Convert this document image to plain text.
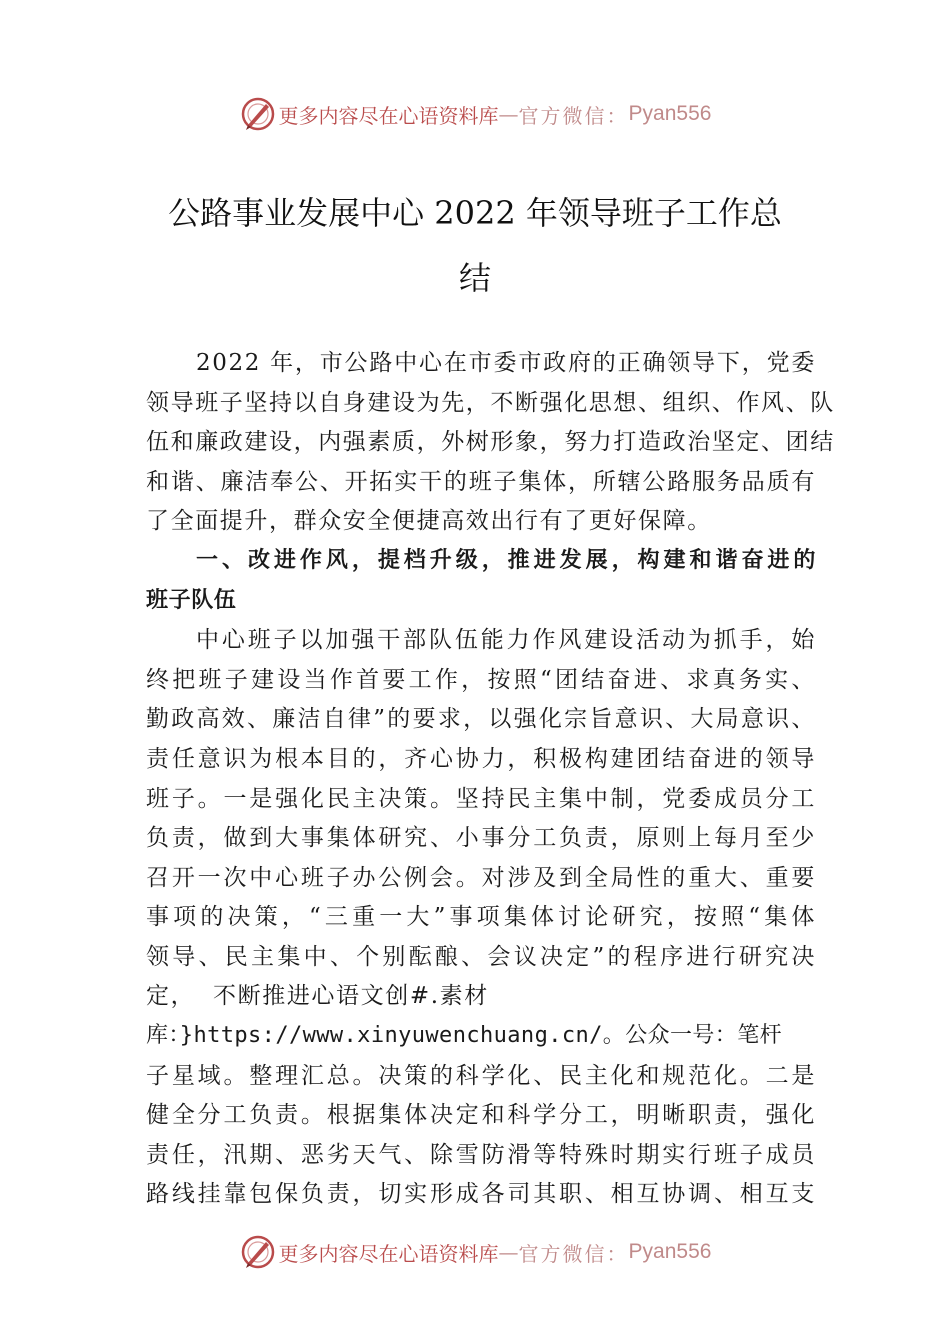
更多内容尽在心语资料库 — 官方微信： Pyan556
公路事业发展中心 2022 年领导班子工作总
结
2022 年，市公路中心在市委市政府的正确领导下，党委
领导班子坚持以自身建设为先，不断强化思想、组织、作风、队
伍和廉政建设，内强素质，外树形象，努力打造政治坚定、团结
和谐、廉洁奉公、开拓实干的班子集体，所辖公路服务品质有
了全面提升，群众安全便捷高效出行有了更好保障。
一、改进作风，提档升级，推进发展，构建和谐奋进的
班子队伍
中心班子以加强干部队伍能力作风建设活动为抓手，始
终把班子建设当作首要工作，按照“团结奋进、求真务实、
勤政高效、廉洁自律”的要求，以强化宗旨意识、大局意识、
责任意识为根本目的，齐心协力，积极构建团结奋进的领导
班子。一是强化民主决策。坚持民主集中制，党委成员分工
负责，做到大事集体研究、小事分工负责，原则上每月至少
召开一次中心班子办公例会。对涉及到全局性的重大、重要
事项的决策，“三重一大”事项集体讨论研究，按照“集体
领导、民主集中、个别酝酿、会议决定”的程序进行研究决
定，  不断推进心语文创#.素材
库：}https://www.xinyuwenchuang.cn/。公众一号：笔杆
子星域。整理汇总。决策的科学化、民主化和规范化。二是
健全分工负责。根据集体决定和科学分工，明晰职责，强化
责任，汛期、恶劣天气、除雪防滑等特殊时期实行班子成员
路线挂靠包保负责，切实形成各司其职、相互协调、相互支
更多内容尽在心语资料库 — 官方微信： Pyan556
